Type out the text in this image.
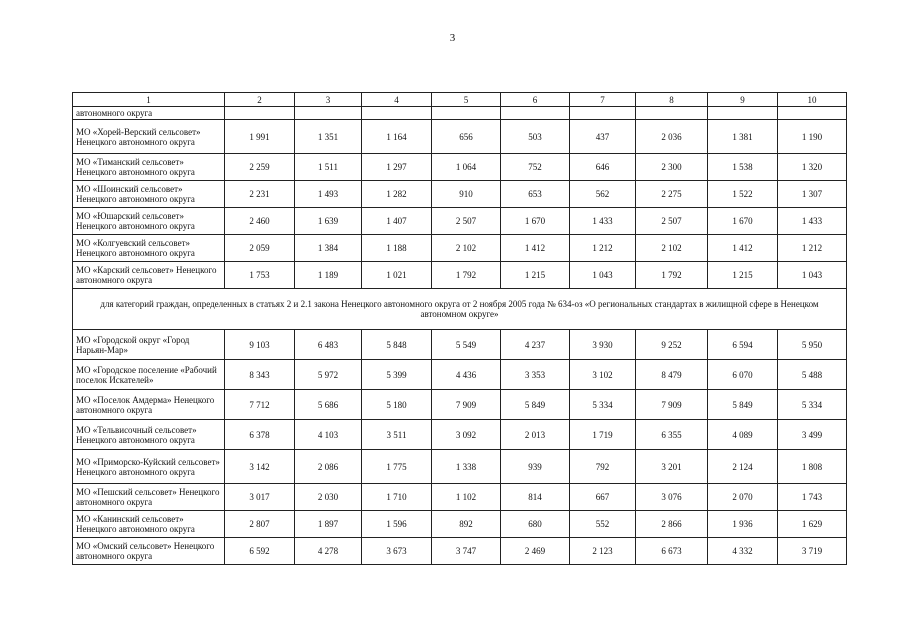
3
1	2	3	4	5	6	7	8	9	10
автономного округа									
МО «Хорей-Верский сельсовет» Ненецкого автономного округа	1 991	1 351	1 164	656	503	437	2 036	1 381	1 190
МО «Тиманский сельсовет» Ненецкого автономного округа	2 259	1 511	1 297	1 064	752	646	2 300	1 538	1 320
МО «Шоинский сельсовет» Ненецкого автономного округа	2 231	1 493	1 282	910	653	562	2 275	1 522	1 307
МО «Юшарский сельсовет» Ненецкого автономного округа	2 460	1 639	1 407	2 507	1 670	1 433	2 507	1 670	1 433
МО «Колгуевский сельсовет» Ненецкого автономного округа	2 059	1 384	1 188	2 102	1 412	1 212	2 102	1 412	1 212
МО «Карский сельсовет» Ненецкого автономного округа	1 753	1 189	1 021	1 792	1 215	1 043	1 792	1 215	1 043
для категорий граждан, определенных в статьях 2 и 2.1 закона Ненецкого автономного округа от 2 ноября 2005 года № 634-оз «О региональных стандартах в жилищной сфере в Ненецком автономном округе»									
МО «Городской округ «Город Нарьян-Мар»	9 103	6 483	5 848	5 549	4 237	3 930	9 252	6 594	5 950
МО «Городское поселение «Рабочий поселок Искателей»	8 343	5 972	5 399	4 436	3 353	3 102	8 479	6 070	5 488
МО «Поселок Амдерма» Ненецкого автономного округа	7 712	5 686	5 180	7 909	5 849	5 334	7 909	5 849	5 334
МО «Тельвисочный сельсовет» Ненецкого автономного округа	6 378	4 103	3 511	3 092	2 013	1 719	6 355	4 089	3 499
МО «Приморско-Куйский сельсовет» Ненецкого автономного округа	3 142	2 086	1 775	1 338	939	792	3 201	2 124	1 808
МО «Пешский сельсовет» Ненецкого автономного округа	3 017	2 030	1 710	1 102	814	667	3 076	2 070	1 743
МО «Канинский сельсовет» Ненецкого автономного округа	2 807	1 897	1 596	892	680	552	2 866	1 936	1 629
МО «Омский сельсовет» Ненецкого автономного округа	6 592	4 278	3 673	3 747	2 469	2 123	6 673	4 332	3 719
